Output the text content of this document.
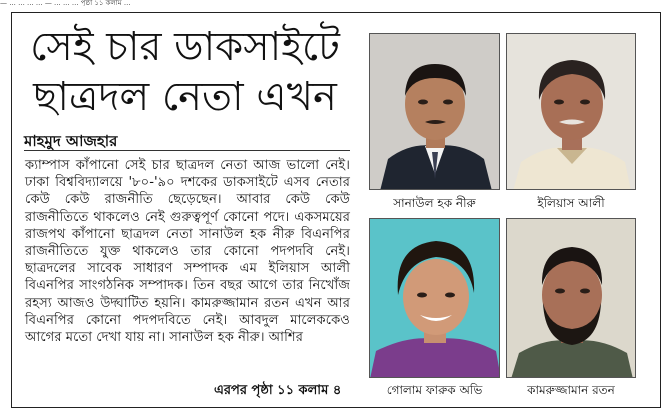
— ... ... ... ... — ... ... ... পৃষ্ঠা ১১ কলাম ...
সেই চার ডাকসাইটে
ছাত্রদল নেতা এখন
মাহমুদ আজহার
ক্যাম্পাস কাঁপানো সেই চার ছাত্রদল নেতা আজ ভালো নেই। ঢাকা বিশ্ববিদ্যালয়ে '৮০-'৯০ দশকের ডাকসাইটে এসব নেতার কেউ কেউ রাজনীতি ছেড়েছেন। আবার কেউ কেউ রাজনীতিতে থাকলেও নেই গুরুত্বপূর্ণ কোনো পদে। একসময়ের রাজপথ কাঁপানো ছাত্রদল নেতা সানাউল হক নীরু বিএনপির রাজনীতিতে যুক্ত থাকলেও তার কোনো পদপদবি নেই। ছাত্রদলের সাবেক সাধারণ সম্পাদক এম ইলিয়াস আলী বিএনপির সাংগঠনিক সম্পাদক। তিন বছর আগে তার নিখোঁজ রহস্য আজও উদ্ঘাটিত হয়নি। কামরুজ্জামান রতন এখন আর বিএনপির কোনো পদপদবিতে নেই। আবদুল মালেককেও আগের মতো দেখা যায় না। সানাউল হক নীরু। আশির
এরপর পৃষ্ঠা ১১ কলাম ৪
সানাউল হক নীরু	ইলিয়াস আলী
গোলাম ফারুক অভি	কামরুজ্জামান রতন
